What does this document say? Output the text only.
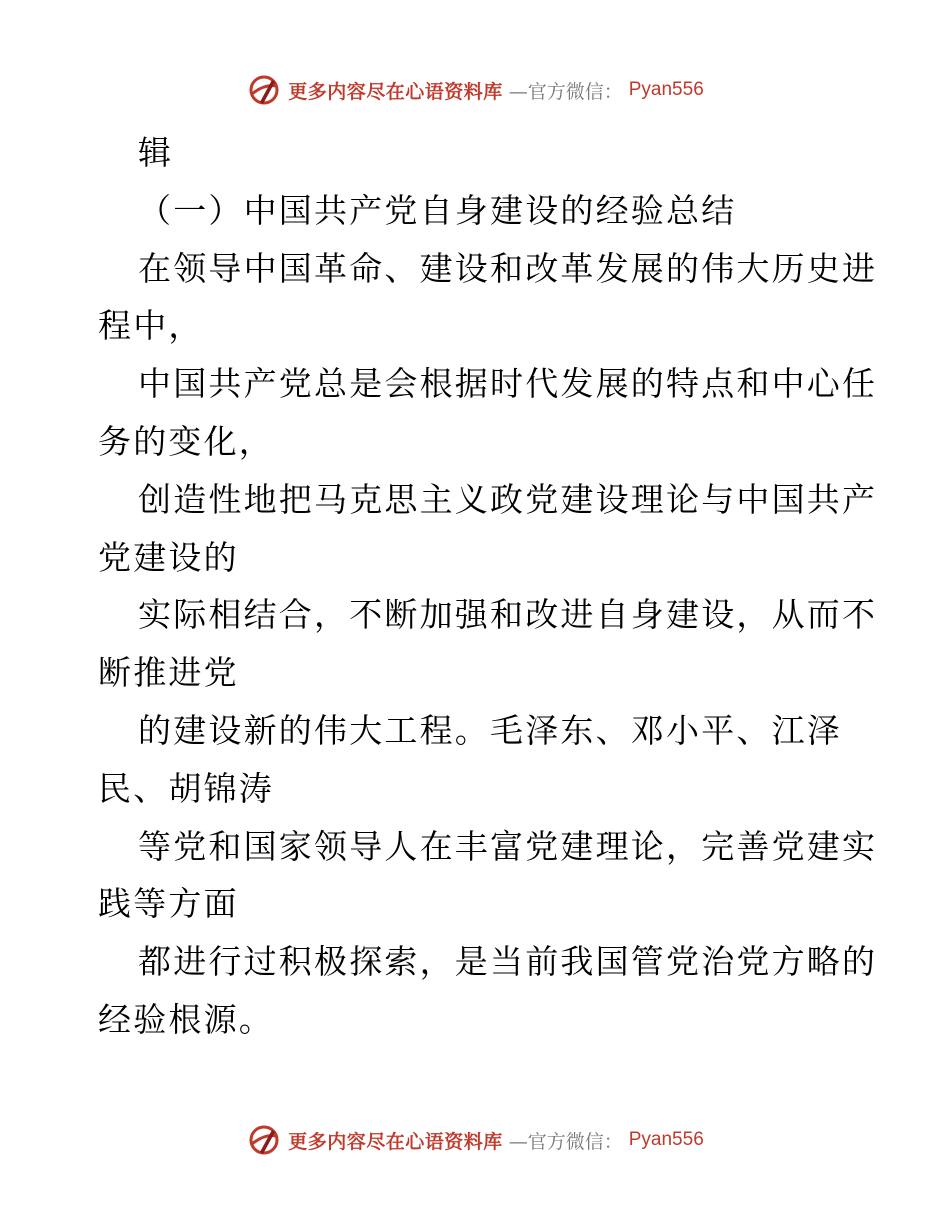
更多内容尽在心语资料库 —官方微信： Pyan556
辑
（一）中国共产党自身建设的经验总结
在领导中国革命、建设和改革发展的伟大历史进
程中，
中国共产党总是会根据时代发展的特点和中心任
务的变化，
创造性地把马克思主义政党建设理论与中国共产
党建设的
实际相结合，不断加强和改进自身建设，从而不
断推进党
的建设新的伟大工程。毛泽东、邓小平、江泽
民、胡锦涛
等党和国家领导人在丰富党建理论，完善党建实
践等方面
都进行过积极探索，是当前我国管党治党方略的
经验根源。
更多内容尽在心语资料库 —官方微信： Pyan556
